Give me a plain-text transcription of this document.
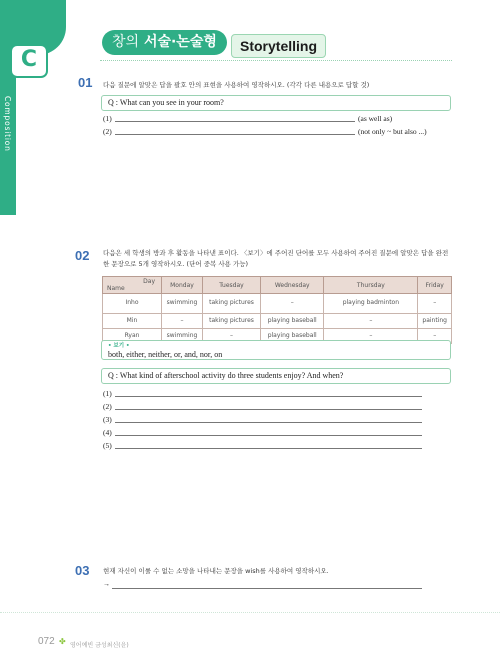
C
Composition
창의 서술·논술형	Storytelling
01 다음 질문에 알맞은 답을 괄호 안의 표현을 사용하여 영작하시오. (각각 다른 내용으로 답할 것)
Q : What can you see in your room?
(1)	(as well as)
(2)	(not only ~ but also ...)
02 다음은 세 학생의 방과 후 활동을 나타낸 표이다. 〈보기〉에 주어진 단어를 모두 사용하여 주어진 질문에 알맞은 답을 완전
한 문장으로 5개 영작하시오. (단어 중복 사용 가능)
Day
Name	Monday	Tuesday	Wednesday	Thursday	Friday
Inho	swimming	taking pictures	–	playing badminton	–
Min	–	taking pictures	playing baseball	–	painting
Ryan	swimming	–	playing baseball	–	–
• 보기 •
both, either, neither, or, and, nor, on
Q : What kind of afterschool activity do three students enjoy? And when?
(1)
(2)
(3)
(4)
(5)
03 현재 자신이 이룰 수 없는 소망을 나타내는 문장을 wish를 사용하여 영작하시오.
→
072 ✤ 영어예빈 금성최신(윤)
